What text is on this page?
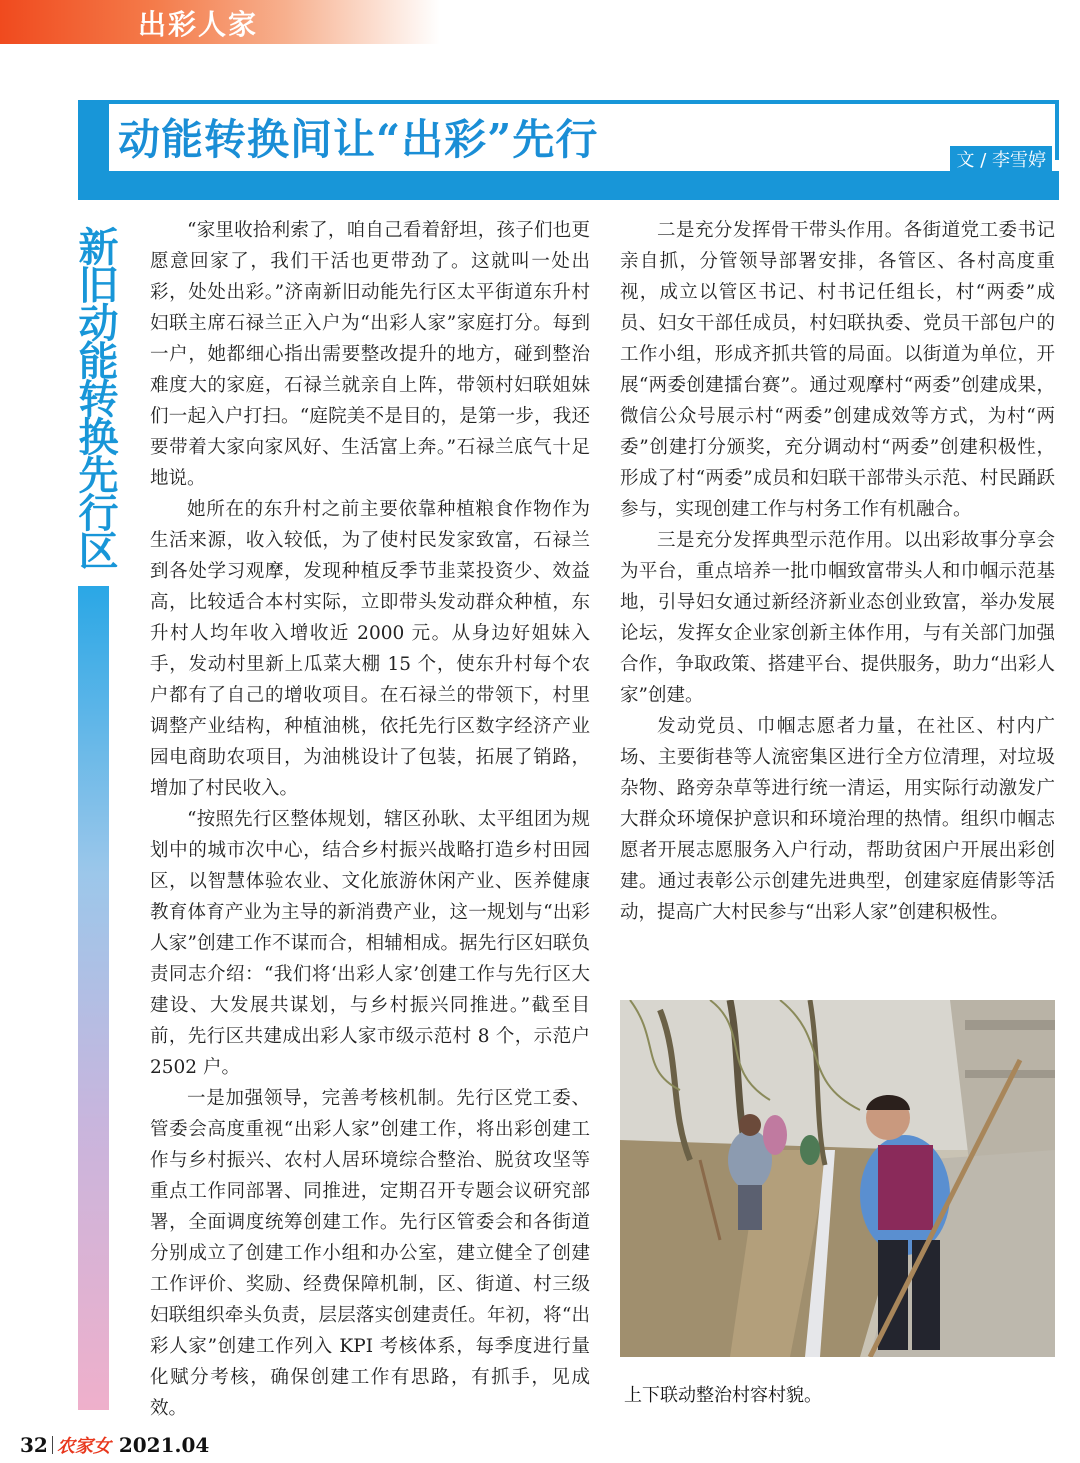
出彩人家
动能转换间让“出彩”先行	文 / 李雪婷
新旧动能转换先行区	“家里收拾利索了，咱自己看着舒坦，孩子们也更愿意回家了，我们干活也更带劲了。这就叫一处出彩，处处出彩。”济南新旧动能先行区太平街道东升村妇联主席石禄兰正入户为“出彩人家”家庭打分。每到一户，她都细心指出需要整改提升的地方，碰到整治难度大的家庭，石禄兰就亲自上阵，带领村妇联姐妹们一起入户打扫。“庭院美不是目的，是第一步，我还要带着大家向家风好、生活富上奔。”石禄兰底气十足地说。

她所在的东升村之前主要依靠种植粮食作物作为生活来源，收入较低，为了使村民发家致富，石禄兰到各处学习观摩，发现种植反季节韭菜投资少、效益高，比较适合本村实际，立即带头发动群众种植，东升村人均年收入增收近 2000 元。从身边好姐妹入手，发动村里新上瓜菜大棚 15 个，使东升村每个农户都有了自己的增收项目。在石禄兰的带领下，村里调整产业结构，种植油桃，依托先行区数字经济产业园电商助农项目，为油桃设计了包装，拓展了销路，增加了村民收入。

“按照先行区整体规划，辖区孙耿、太平组团为规划中的城市次中心，结合乡村振兴战略打造乡村田园区，以智慧体验农业、文化旅游休闲产业、医养健康教育体育产业为主导的新消费产业，这一规划与“出彩人家”创建工作不谋而合，相辅相成。据先行区妇联负责同志介绍：“我们将‘出彩人家’创建工作与先行区大建设、大发展共谋划，与乡村振兴同推进。”截至目前，先行区共建成出彩人家市级示范村 8 个，示范户 2502 户。

一是加强领导，完善考核机制。先行区党工委、管委会高度重视“出彩人家”创建工作，将出彩创建工作与乡村振兴、农村人居环境综合整治、脱贫攻坚等重点工作同部署、同推进，定期召开专题会议研究部署，全面调度统筹创建工作。先行区管委会和各街道分别成立了创建工作小组和办公室，建立健全了创建工作评价、奖励、经费保障机制，区、街道、村三级妇联组织牵头负责，层层落实创建责任。年初，将“出彩人家”创建工作列入 KPI 考核体系，每季度进行量化赋分考核，确保创建工作有思路，有抓手，见成效。

二是充分发挥骨干带头作用。各街道党工委书记亲自抓，分管领导部署安排，各管区、各村高度重视，成立以管区书记、村书记任组长，村“两委”成员、妇女干部任成员，村妇联执委、党员干部包户的工作小组，形成齐抓共管的局面。以街道为单位，开展“两委创建擂台赛”。通过观摩村“两委”创建成果，微信公众号展示村“两委”创建成效等方式，为村“两委”创建打分颁奖，充分调动村“两委”创建积极性，形成了村“两委”成员和妇联干部带头示范、村民踊跃参与，实现创建工作与村务工作有机融合。

三是充分发挥典型示范作用。以出彩故事分享会为平台，重点培养一批巾帼致富带头人和巾帼示范基地，引导妇女通过新经济新业态创业致富，举办发展论坛，发挥女企业家创新主体作用，与有关部门加强合作，争取政策、搭建平台、提供服务，助力“出彩人家”创建。

发动党员、巾帼志愿者力量，在社区、村内广场、主要街巷等人流密集区进行全方位清理，对垃圾杂物、路旁杂草等进行统一清运，用实际行动激发广大群众环境保护意识和环境治理的热情。组织巾帼志愿者开展志愿服务入户行动，帮助贫困户开展出彩创建。通过表彰公示创建先进典型，创建家庭倩影等活动，提高广大村民参与“出彩人家”创建积极性。

上下联动整治村容村貌。
32 农家女 2021.04
